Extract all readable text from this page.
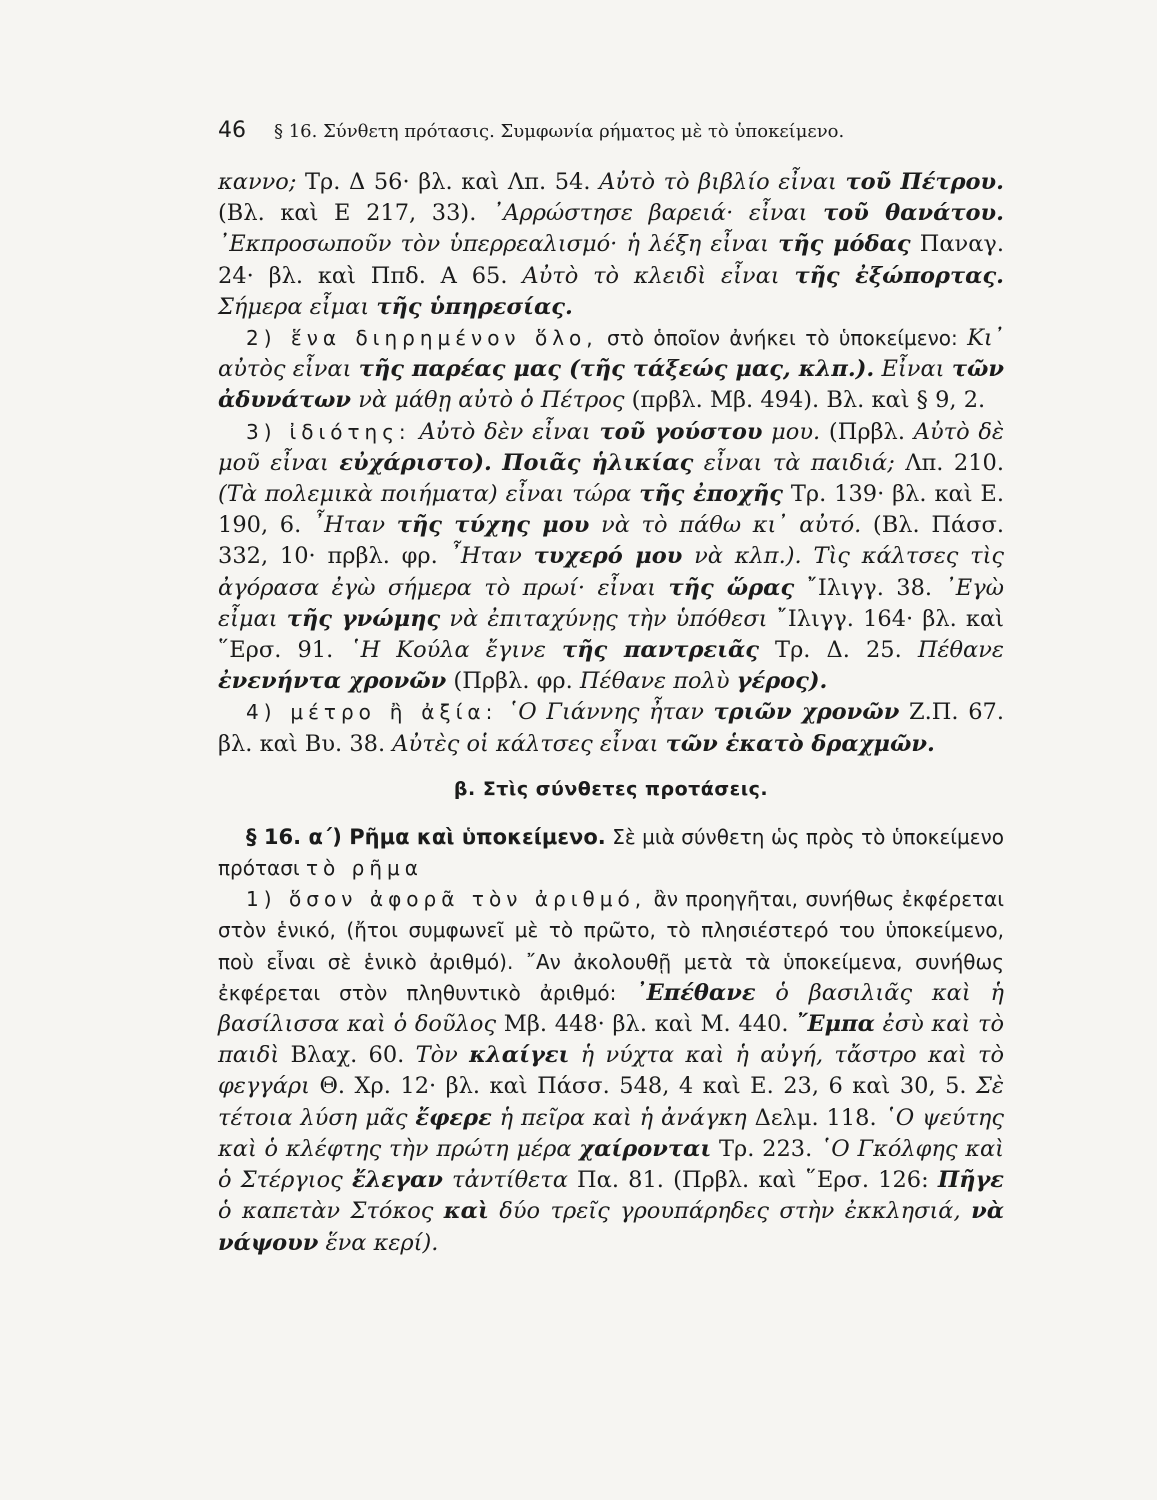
46 § 16. Σύνθετη πρότασις. Συμφωνία ρήματος μὲ τὸ ὑποκείμενο.

καννο; Τρ. Δ 56· βλ. καὶ Λπ. 54. Αὐτὸ τὸ βιβλίο εἶναι τοῦ Πέτρου. (Βλ. καὶ Ε 217, 33). ᾿Αρρώστησε βαρειά· εἶναι τοῦ θανάτου. ᾿Εκπροσωποῦν τὸν ὑπερρεαλισμό· ἡ λέξη εἶναι τῆς μόδας Παναγ. 24· βλ. καὶ Ππδ. Α 65. Αὐτὸ τὸ κλειδὶ εἶναι τῆς ἐξώπορτας. Σήμερα εἶμαι τῆς ὑπηρεσίας.

2) ἕνα διηρημένον ὅλο, στὸ ὁποῖον ἀνήκει τὸ ὑποκείμενο: Κι᾿ αὐτὸς εἶναι τῆς παρέας μας (τῆς τάξεώς μας, κλπ.). Εἶναι τῶν ἀδυνάτων νὰ μάθῃ αὐτὸ ὁ Πέτρος (πρβλ. Μβ. 494). Βλ. καὶ § 9, 2.

3) ἰδιότης: Αὐτὸ δὲν εἶναι τοῦ γούστου μου. (Πρβλ. Αὐτὸ δὲ μοῦ εἶναι εὐχάριστο). Ποιᾶς ἡλικίας εἶναι τὰ παιδιά; Λπ. 210. (Τὰ πολεμικὰ ποιήματα) εἶναι τώρα τῆς ἐποχῆς Τρ. 139· βλ. καὶ Ε. 190, 6. ῏Ηταν τῆς τύχης μου νὰ τὸ πάθω κι᾿ αὐτό. (Βλ. Πάσσ. 332, 10· πρβλ. φρ. ῏Ηταν τυχερό μου νὰ κλπ.). Τὶς κάλτσες τὶς ἀγόρασα ἐγὼ σήμερα τὸ πρωί· εἶναι τῆς ὥρας ῎Ιλιγγ. 38. ᾿Εγὼ εἶμαι τῆς γνώμης νὰ ἐπιταχύνῃς τὴν ὑπόθεσι ῎Ιλιγγ. 164· βλ. καὶ ῞Ερσ. 91. ῾Η Κούλα ἔγινε τῆς παντρειᾶς Τρ. Δ. 25. Πέθανε ἐνενήντα χρονῶν (Πρβλ. φρ. Πέθανε πολὺ γέρος).

4) μέτρο ἢ ἀξία: ῾Ο Γιάννης ἦταν τριῶν χρονῶν Ζ.Π. 67. βλ. καὶ Βυ. 38. Αὐτὲς οἱ κάλτσες εἶναι τῶν ἑκατὸ δραχμῶν.

β. Στὶς σύνθετες προτάσεις.

§ 16. α΄) Ρῆμα καὶ ὑποκείμενο. Σὲ μιὰ σύνθετη ὡς πρὸς τὸ ὑποκείμενο πρότασι τὸ ρῆμα

1) ὅσον ἀφορᾶ τὸν ἀριθμό, ἂν προηγῆται, συνήθως ἐκφέρεται στὸν ἑνικό, (ἤτοι συμφωνεῖ μὲ τὸ πρῶτο, τὸ πλησιέστερό του ὑποκείμενο, ποὺ εἶναι σὲ ἑνικὸ ἀριθμό). ῎Αν ἀκολουθῇ μετὰ τὰ ὑποκείμενα, συνήθως ἐκφέρεται στὸν πληθυντικὸ ἀριθμό: ᾿Επέθανε ὁ βασιλιᾶς καὶ ἡ βασίλισσα καὶ ὁ δοῦλος Μβ. 448· βλ. καὶ Μ. 440. ῎Εμπα ἐσὺ καὶ τὸ παιδὶ Βλαχ. 60. Τὸν κλαίγει ἡ νύχτα καὶ ἡ αὐγή, τἄστρο καὶ τὸ φεγγάρι Θ. Χρ. 12· βλ. καὶ Πάσσ. 548, 4 καὶ Ε. 23, 6 καὶ 30, 5. Σὲ τέτοια λύση μᾶς ἔφερε ἡ πεῖρα καὶ ἡ ἀνάγκη Δελμ. 118. ῾Ο ψεύτης καὶ ὁ κλέφτης τὴν πρώτη μέρα χαίρονται Τρ. 223. ῾Ο Γκόλφης καὶ ὁ Στέργιος ἔλεγαν τἀντίθετα Πα. 81. (Πρβλ. καὶ ῞Ερσ. 126: Πῆγε ὁ καπετὰν Στόκος καὶ δύο τρεῖς γρουπάρηδες στὴν ἐκκλησιά, νὰ νάψουν ἕνα κερί).
